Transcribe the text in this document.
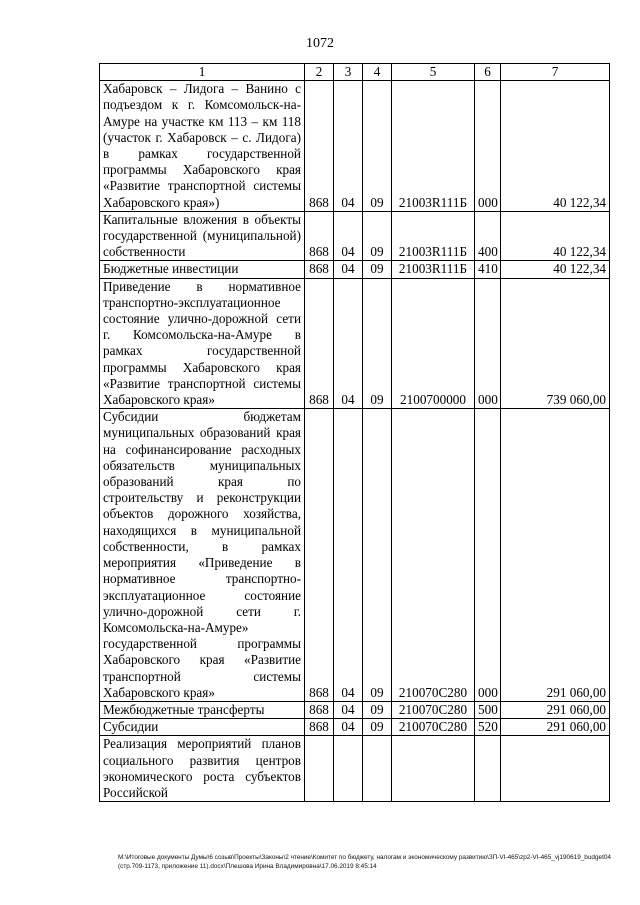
1072
1	2	3	4	5	6	7
Хабаровск – Лидога – Ванино с подъездом к г. Комсомольск-на-Амуре на участке км 113 – км 118 (участок г. Хабаровск – с. Лидога) в рамках государственной программы Хабаровского края «Развитие транспортной системы Хабаровского края»)	868	04	09	21003R111Б	000	40 122,34
Капитальные вложения в объекты государственной (муниципальной) собственности	868	04	09	21003R111Б	400	40 122,34
Бюджетные инвестиции	868	04	09	21003R111Б	410	40 122,34
Приведение в нормативное транспортно-эксплуатационное состояние улично-дорожной сети г. Комсомольска-на-Амуре в рамках государственной программы Хабаровского края «Развитие транспортной системы Хабаровского края»	868	04	09	2100700000	000	739 060,00
Субсидии бюджетам муниципальных образований края на софинансирование расходных обязательств муниципальных образований края по строительству и реконструкции объектов дорожного хозяйства, находящихся в муниципальной собственности, в рамках мероприятия «Приведение в нормативное транспортно-эксплуатационное состояние улично-дорожной сети г. Комсомольска-на-Амуре» государственной программы Хабаровского края «Развитие транспортной системы Хабаровского края»	868	04	09	210070С280	000	291 060,00
Межбюджетные трансферты	868	04	09	210070С280	500	291 060,00
Субсидии	868	04	09	210070С280	520	291 060,00
Реализация мероприятий планов социального развития центров экономического роста субъектов Российской						
M:\Итоговые документы Думы\6 созыв\Проекты\Законы\2 чтение\Комитет по бюджету, налогам и экономическому развитию\ЗП-VI-465\zp2-VI-465_vj190619_budget04 (стр.709-1173, приложение 11).docx\Плешова Ирина Владимировна\17.06.2019 8:45:14
